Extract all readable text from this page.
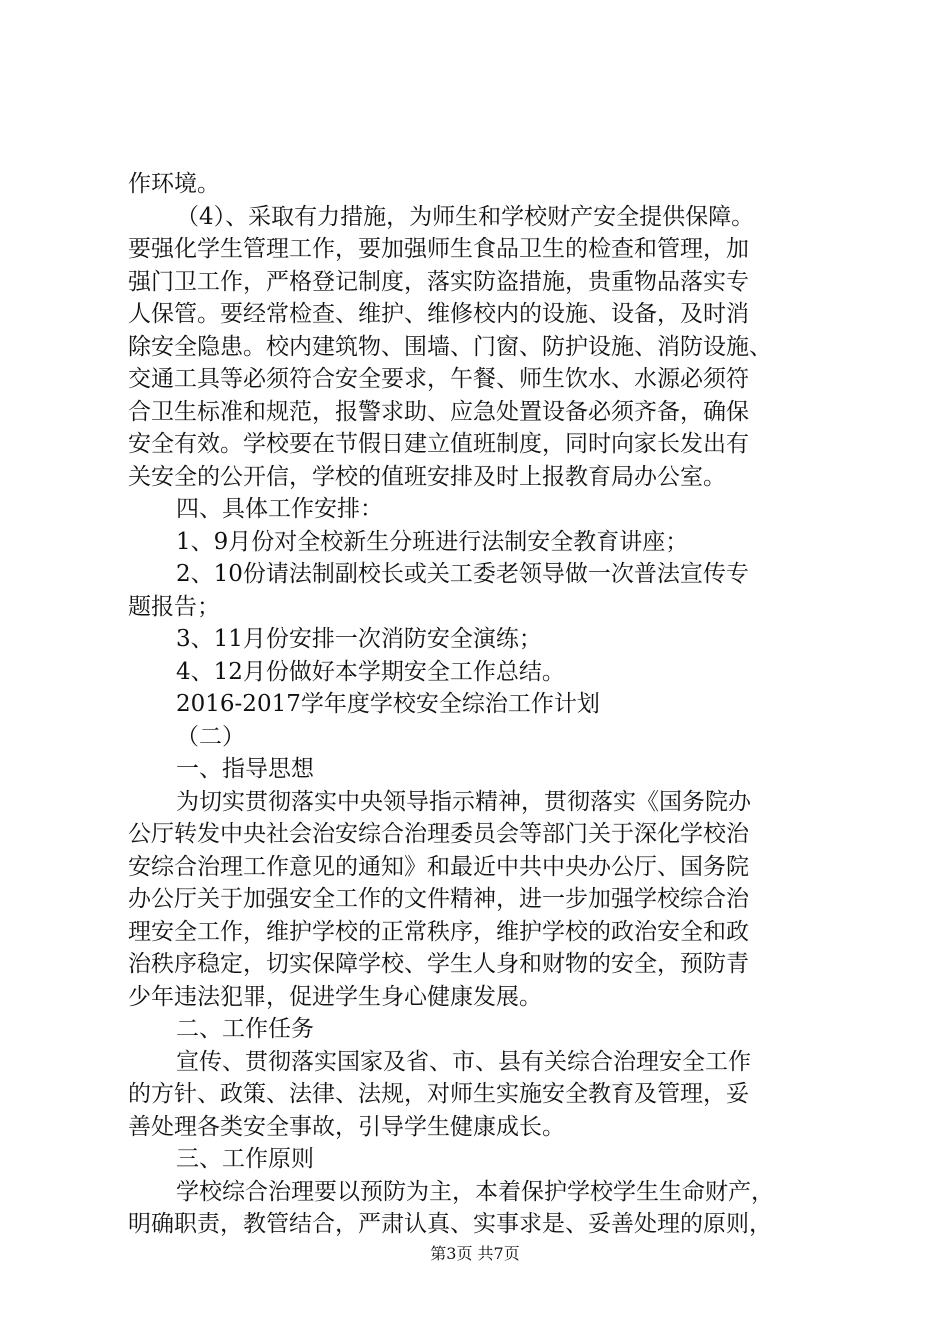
作环境。
（4）、采取有力措施，为师生和学校财产安全提供保障。
要强化学生管理工作，要加强师生食品卫生的检查和管理，加
强门卫工作，严格登记制度，落实防盗措施，贵重物品落实专
人保管。要经常检查、维护、维修校内的设施、设备，及时消
除安全隐患。校内建筑物、围墙、门窗、防护设施、消防设施、
交通工具等必须符合安全要求，午餐、师生饮水、水源必须符
合卫生标准和规范，报警求助、应急处置设备必须齐备，确保
安全有效。学校要在节假日建立值班制度，同时向家长发出有
关安全的公开信，学校的值班安排及时上报教育局办公室。
四、具体工作安排：
1、9月份对全校新生分班进行法制安全教育讲座；
2、10份请法制副校长或关工委老领导做一次普法宣传专
题报告；
3、11月份安排一次消防安全演练；
4、12月份做好本学期安全工作总结。
2016-2017学年度学校安全综治工作计划
（二）
一、指导思想
为切实贯彻落实中央领导指示精神，贯彻落实《国务院办
公厅转发中央社会治安综合治理委员会等部门关于深化学校治
安综合治理工作意见的通知》和最近中共中央办公厅、国务院
办公厅关于加强安全工作的文件精神，进一步加强学校综合治
理安全工作，维护学校的正常秩序，维护学校的政治安全和政
治秩序稳定，切实保障学校、学生人身和财物的安全，预防青
少年违法犯罪，促进学生身心健康发展。
二、工作任务
宣传、贯彻落实国家及省、市、县有关综合治理安全工作
的方针、政策、法律、法规，对师生实施安全教育及管理，妥
善处理各类安全事故，引导学生健康成长。
三、工作原则
学校综合治理要以预防为主，本着保护学校学生生命财产，
明确职责，教管结合，严肃认真、实事求是、妥善处理的原则，
第3页 共7页
